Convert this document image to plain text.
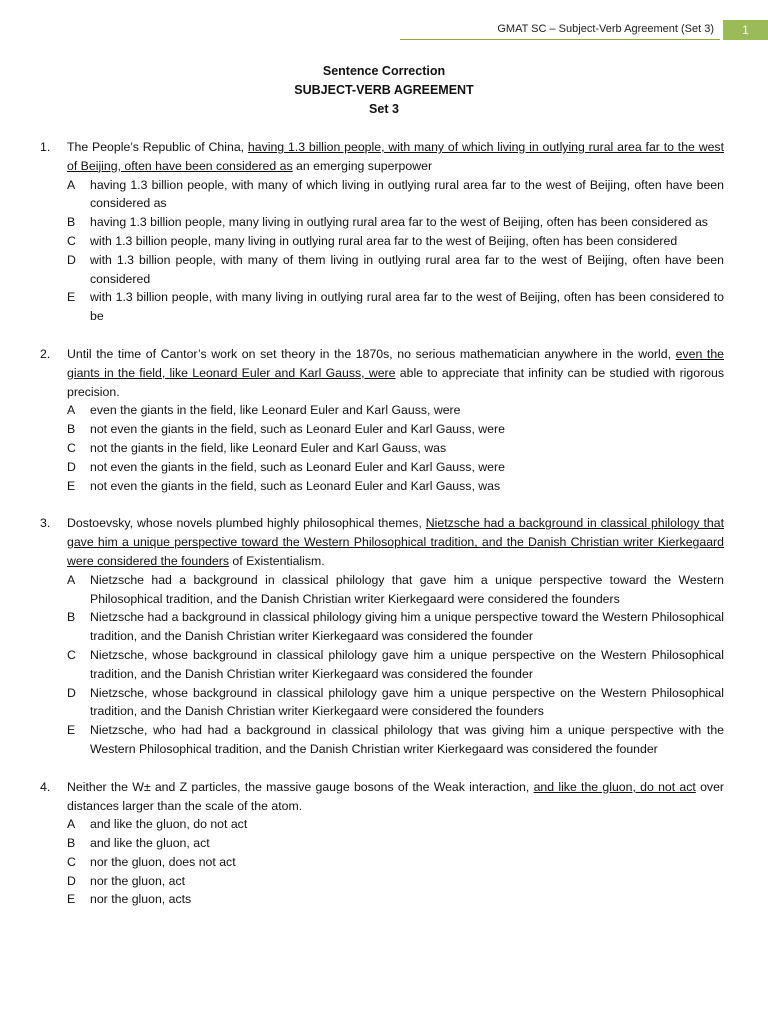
GMAT SC – Subject-Verb Agreement (Set 3)	1
Sentence Correction
SUBJECT-VERB AGREEMENT
Set 3
1.	The People’s Republic of China, having 1.3 billion people, with many of which living in outlying rural area far to the west of Beijing, often have been considered as an emerging superpower
A	having 1.3 billion people, with many of which living in outlying rural area far to the west of Beijing, often have been considered as
B	having 1.3 billion people, many living in outlying rural area far to the west of Beijing, often has been considered as
C	with 1.3 billion people, many living in outlying rural area far to the west of Beijing, often has been considered
D	with 1.3 billion people, with many of them living in outlying rural area far to the west of Beijing, often have been considered
E	with 1.3 billion people, with many living in outlying rural area far to the west of Beijing, often has been considered to be
2.	Until the time of Cantor’s work on set theory in the 1870s, no serious mathematician anywhere in the world, even the giants in the field, like Leonard Euler and Karl Gauss, were able to appreciate that infinity can be studied with rigorous precision.
A	even the giants in the field, like Leonard Euler and Karl Gauss, were
B	not even the giants in the field, such as Leonard Euler and Karl Gauss, were
C	not the giants in the field, like Leonard Euler and Karl Gauss, was
D	not even the giants in the field, such as Leonard Euler and Karl Gauss, were
E	not even the giants in the field, such as Leonard Euler and Karl Gauss, was
3.	Dostoevsky, whose novels plumbed highly philosophical themes, Nietzsche had a background in classical philology that gave him a unique perspective toward the Western Philosophical tradition, and the Danish Christian writer Kierkegaard were considered the founders of Existentialism.
A	Nietzsche had a background in classical philology that gave him a unique perspective toward the Western Philosophical tradition, and the Danish Christian writer Kierkegaard were considered the founders
B	Nietzsche had a background in classical philology giving him a unique perspective toward the Western Philosophical tradition, and the Danish Christian writer Kierkegaard was considered the founder
C	Nietzsche, whose background in classical philology gave him a unique perspective on the Western Philosophical tradition, and the Danish Christian writer Kierkegaard was considered the founder
D	Nietzsche, whose background in classical philology gave him a unique perspective on the Western Philosophical tradition, and the Danish Christian writer Kierkegaard were considered the founders
E	Nietzsche, who had had a background in classical philology that was giving him a unique perspective with the Western Philosophical tradition, and the Danish Christian writer Kierkegaard was considered the founder
4.	Neither the W± and Z particles, the massive gauge bosons of the Weak interaction, and like the gluon, do not act over distances larger than the scale of the atom.
A	and like the gluon, do not act
B	and like the gluon, act
C	nor the gluon, does not act
D	nor the gluon, act
E	nor the gluon, acts
